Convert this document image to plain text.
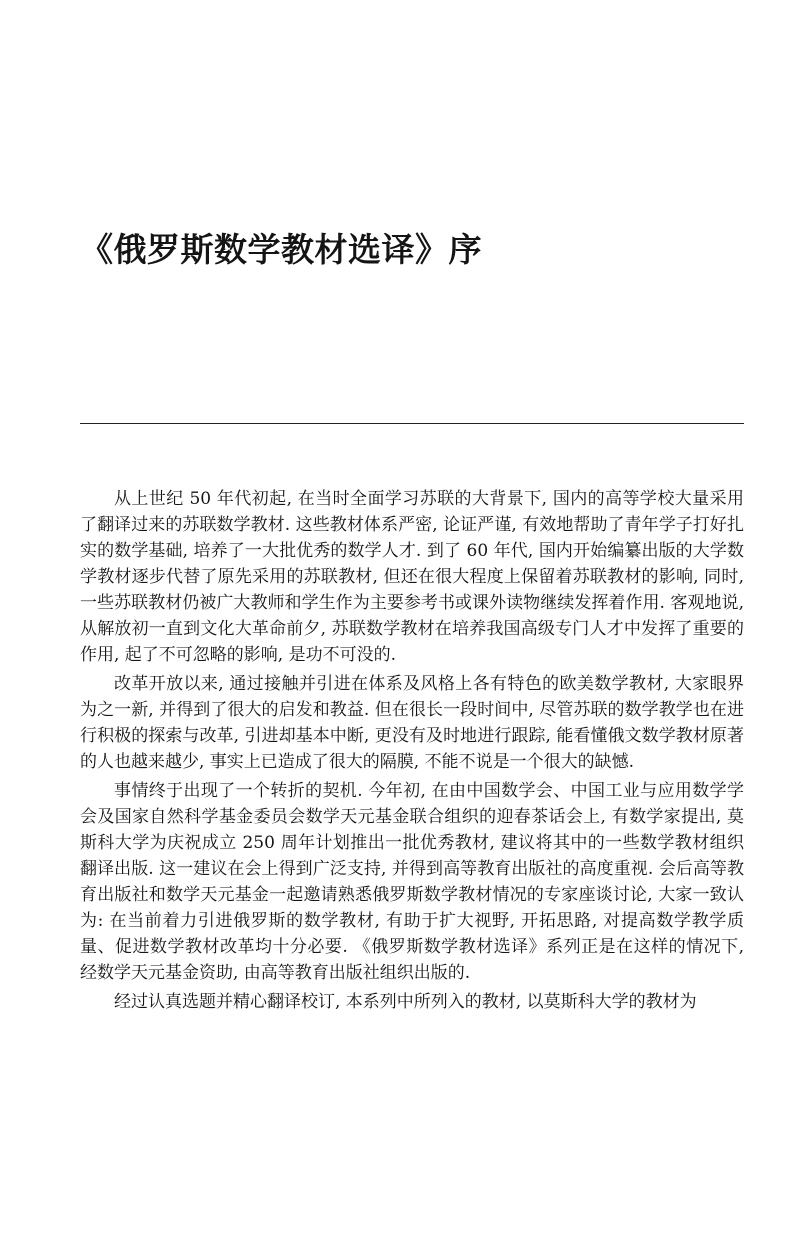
《俄罗斯数学教材选译》序

从上世纪 50 年代初起, 在当时全面学习苏联的大背景下, 国内的高等学校大量采用了翻译过来的苏联数学教材. 这些教材体系严密, 论证严谨, 有效地帮助了青年学子打好扎实的数学基础, 培养了一大批优秀的数学人才. 到了 60 年代, 国内开始编纂出版的大学数学教材逐步代替了原先采用的苏联教材, 但还在很大程度上保留着苏联教材的影响, 同时, 一些苏联教材仍被广大教师和学生作为主要参考书或课外读物继续发挥着作用. 客观地说, 从解放初一直到文化大革命前夕, 苏联数学教材在培养我国高级专门人才中发挥了重要的作用, 起了不可忽略的影响, 是功不可没的.

改革开放以来, 通过接触并引进在体系及风格上各有特色的欧美数学教材, 大家眼界为之一新, 并得到了很大的启发和教益. 但在很长一段时间中, 尽管苏联的数学教学也在进行积极的探索与改革, 引进却基本中断, 更没有及时地进行跟踪, 能看懂俄文数学教材原著的人也越来越少, 事实上已造成了很大的隔膜, 不能不说是一个很大的缺憾.

事情终于出现了一个转折的契机. 今年初, 在由中国数学会、中国工业与应用数学学会及国家自然科学基金委员会数学天元基金联合组织的迎春茶话会上, 有数学家提出, 莫斯科大学为庆祝成立 250 周年计划推出一批优秀教材, 建议将其中的一些数学教材组织翻译出版. 这一建议在会上得到广泛支持, 并得到高等教育出版社的高度重视. 会后高等教育出版社和数学天元基金一起邀请熟悉俄罗斯数学教材情况的专家座谈讨论, 大家一致认为: 在当前着力引进俄罗斯的数学教材, 有助于扩大视野, 开拓思路, 对提高数学教学质量、促进数学教材改革均十分必要. 《俄罗斯数学教材选译》系列正是在这样的情况下, 经数学天元基金资助, 由高等教育出版社组织出版的.

经过认真选题并精心翻译校订, 本系列中所列入的教材, 以莫斯科大学的教材为
